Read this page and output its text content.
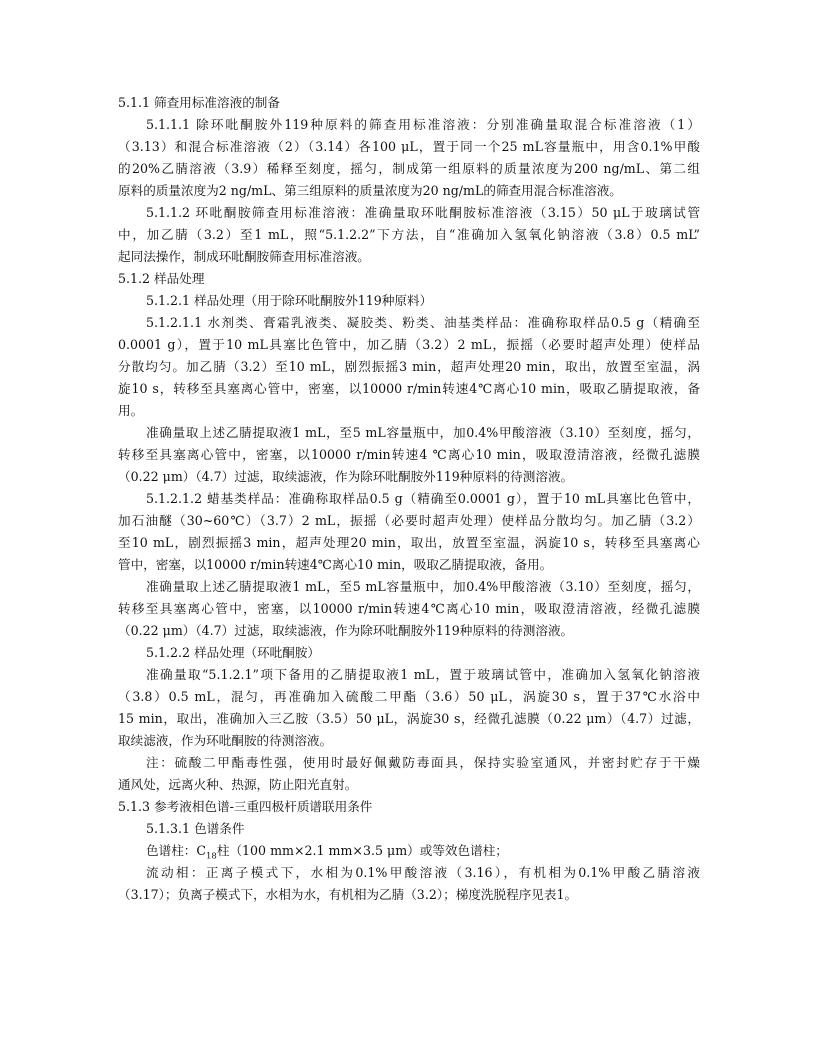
5.1.1 筛查用标准溶液的制备
5.1.1.1 除环吡酮胺外119种原料的筛查用标准溶液：分别准确量取混合标准溶液（1）
（3.13）和混合标准溶液（2）（3.14）各100 μL，置于同一个25 mL容量瓶中，用含0.1%甲酸
的20%乙腈溶液（3.9）稀释至刻度，摇匀，制成第一组原料的质量浓度为200 ng/mL、第二组
原料的质量浓度为2 ng/mL、第三组原料的质量浓度为20 ng/mL的筛查用混合标准溶液。
5.1.1.2 环吡酮胺筛查用标准溶液：准确量取环吡酮胺标准溶液（3.15）50 μL于玻璃试管
中，加乙腈（3.2）至1 mL，照“5.1.2.2”下方法，自“准确加入氢氧化钠溶液（3.8）0.5 mL”
起同法操作，制成环吡酮胺筛查用标准溶液。
5.1.2 样品处理
5.1.2.1 样品处理（用于除环吡酮胺外119种原料）
5.1.2.1.1 水剂类、膏霜乳液类、凝胶类、粉类、油基类样品：准确称取样品0.5 g（精确至
0.0001 g），置于10 mL具塞比色管中，加乙腈（3.2）2 mL，振摇（必要时超声处理）使样品
分散均匀。加乙腈（3.2）至10 mL，剧烈振摇3 min，超声处理20 min，取出，放置至室温，涡
旋10 s，转移至具塞离心管中，密塞，以10000 r/min转速4℃离心10 min，吸取乙腈提取液，备
用。
准确量取上述乙腈提取液1 mL，至5 mL容量瓶中，加0.4%甲酸溶液（3.10）至刻度，摇匀，
转移至具塞离心管中，密塞，以10000 r/min转速4 ℃离心10 min，吸取澄清溶液，经微孔滤膜
（0.22 μm）（4.7）过滤，取续滤液，作为除环吡酮胺外119种原料的待测溶液。
5.1.2.1.2 蜡基类样品：准确称取样品0.5 g（精确至0.0001 g），置于10 mL具塞比色管中，
加石油醚（30~60℃）（3.7）2 mL，振摇（必要时超声处理）使样品分散均匀。加乙腈（3.2）
至10 mL，剧烈振摇3 min，超声处理20 min，取出，放置至室温，涡旋10 s，转移至具塞离心
管中，密塞，以10000 r/min转速4℃离心10 min，吸取乙腈提取液，备用。
准确量取上述乙腈提取液1 mL，至5 mL容量瓶中，加0.4%甲酸溶液（3.10）至刻度，摇匀，
转移至具塞离心管中，密塞，以10000 r/min转速4℃离心10 min，吸取澄清溶液，经微孔滤膜
（0.22 μm）（4.7）过滤，取续滤液，作为除环吡酮胺外119种原料的待测溶液。
5.1.2.2 样品处理（环吡酮胺）
准确量取“5.1.2.1”项下备用的乙腈提取液1 mL，置于玻璃试管中，准确加入氢氧化钠溶液
（3.8）0.5 mL，混匀，再准确加入硫酸二甲酯（3.6）50 μL，涡旋30 s，置于37℃水浴中
15 min，取出，准确加入三乙胺（3.5）50 μL，涡旋30 s，经微孔滤膜（0.22 μm）（4.7）过滤，
取续滤液，作为环吡酮胺的待测溶液。
注：硫酸二甲酯毒性强，使用时最好佩戴防毒面具，保持实验室通风，并密封贮存于干燥
通风处，远离火种、热源，防止阳光直射。
5.1.3 参考液相色谱-三重四极杆质谱联用条件
5.1.3.1 色谱条件
色谱柱：$C_{18}$柱（100 mm×2.1 mm×3.5 μm）或等效色谱柱；
流动相：正离子模式下，水相为0.1%甲酸溶液（3.16），有机相为0.1%甲酸乙腈溶液
（3.17）；负离子模式下，水相为水，有机相为乙腈（3.2）；梯度洗脱程序见表1。
